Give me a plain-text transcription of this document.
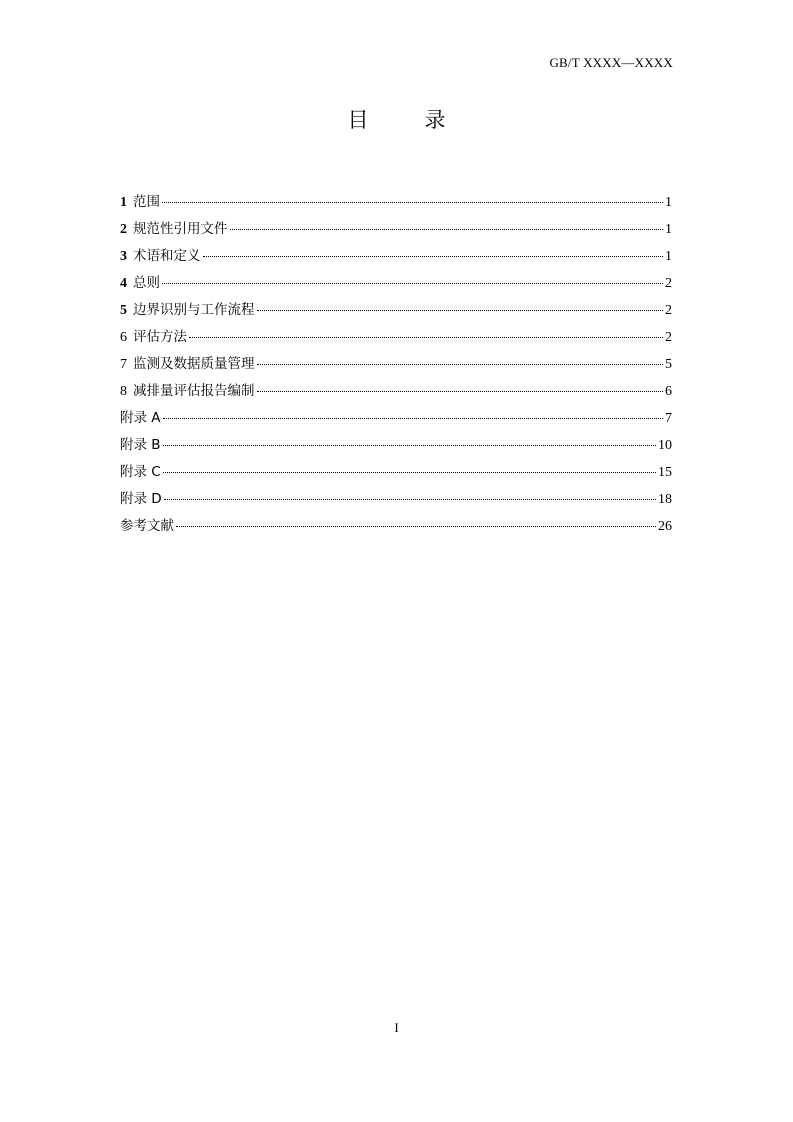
GB/T XXXX—XXXX
目	录
1 范围	1
2 规范性引用文件	1
3 术语和定义	1
4 总则	2
5 边界识别与工作流程	2
6 评估方法	2
7 监测及数据质量管理	5
8 减排量评估报告编制	6
附录 A	7
附录 B	10
附录 C	15
附录 D	18
参考文献	26
I
